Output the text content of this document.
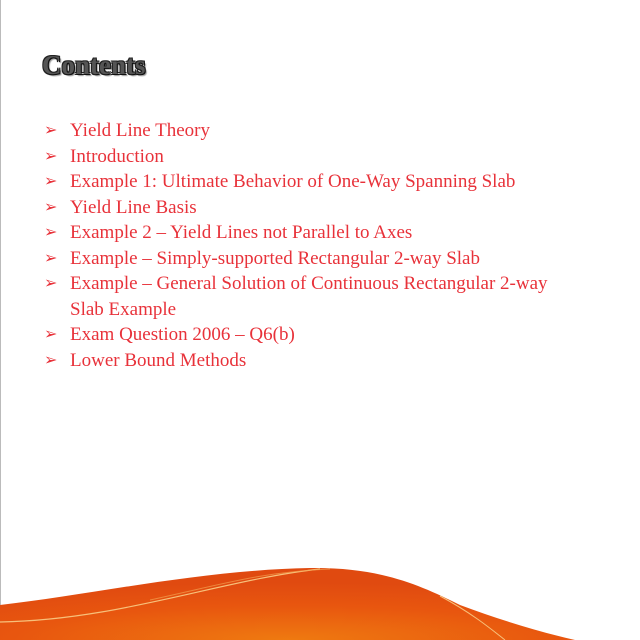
Contents
➢ Yield Line Theory
➢ Introduction
➢ Example 1: Ultimate Behavior of One-Way Spanning Slab
➢ Yield Line Basis
➢ Example 2 – Yield Lines not Parallel to Axes
➢ Example – Simply-supported Rectangular 2-way Slab
➢ Example – General Solution of Continuous Rectangular 2-way Slab Example
➢ Exam Question 2006 – Q6(b)
➢ Lower Bound Methods
